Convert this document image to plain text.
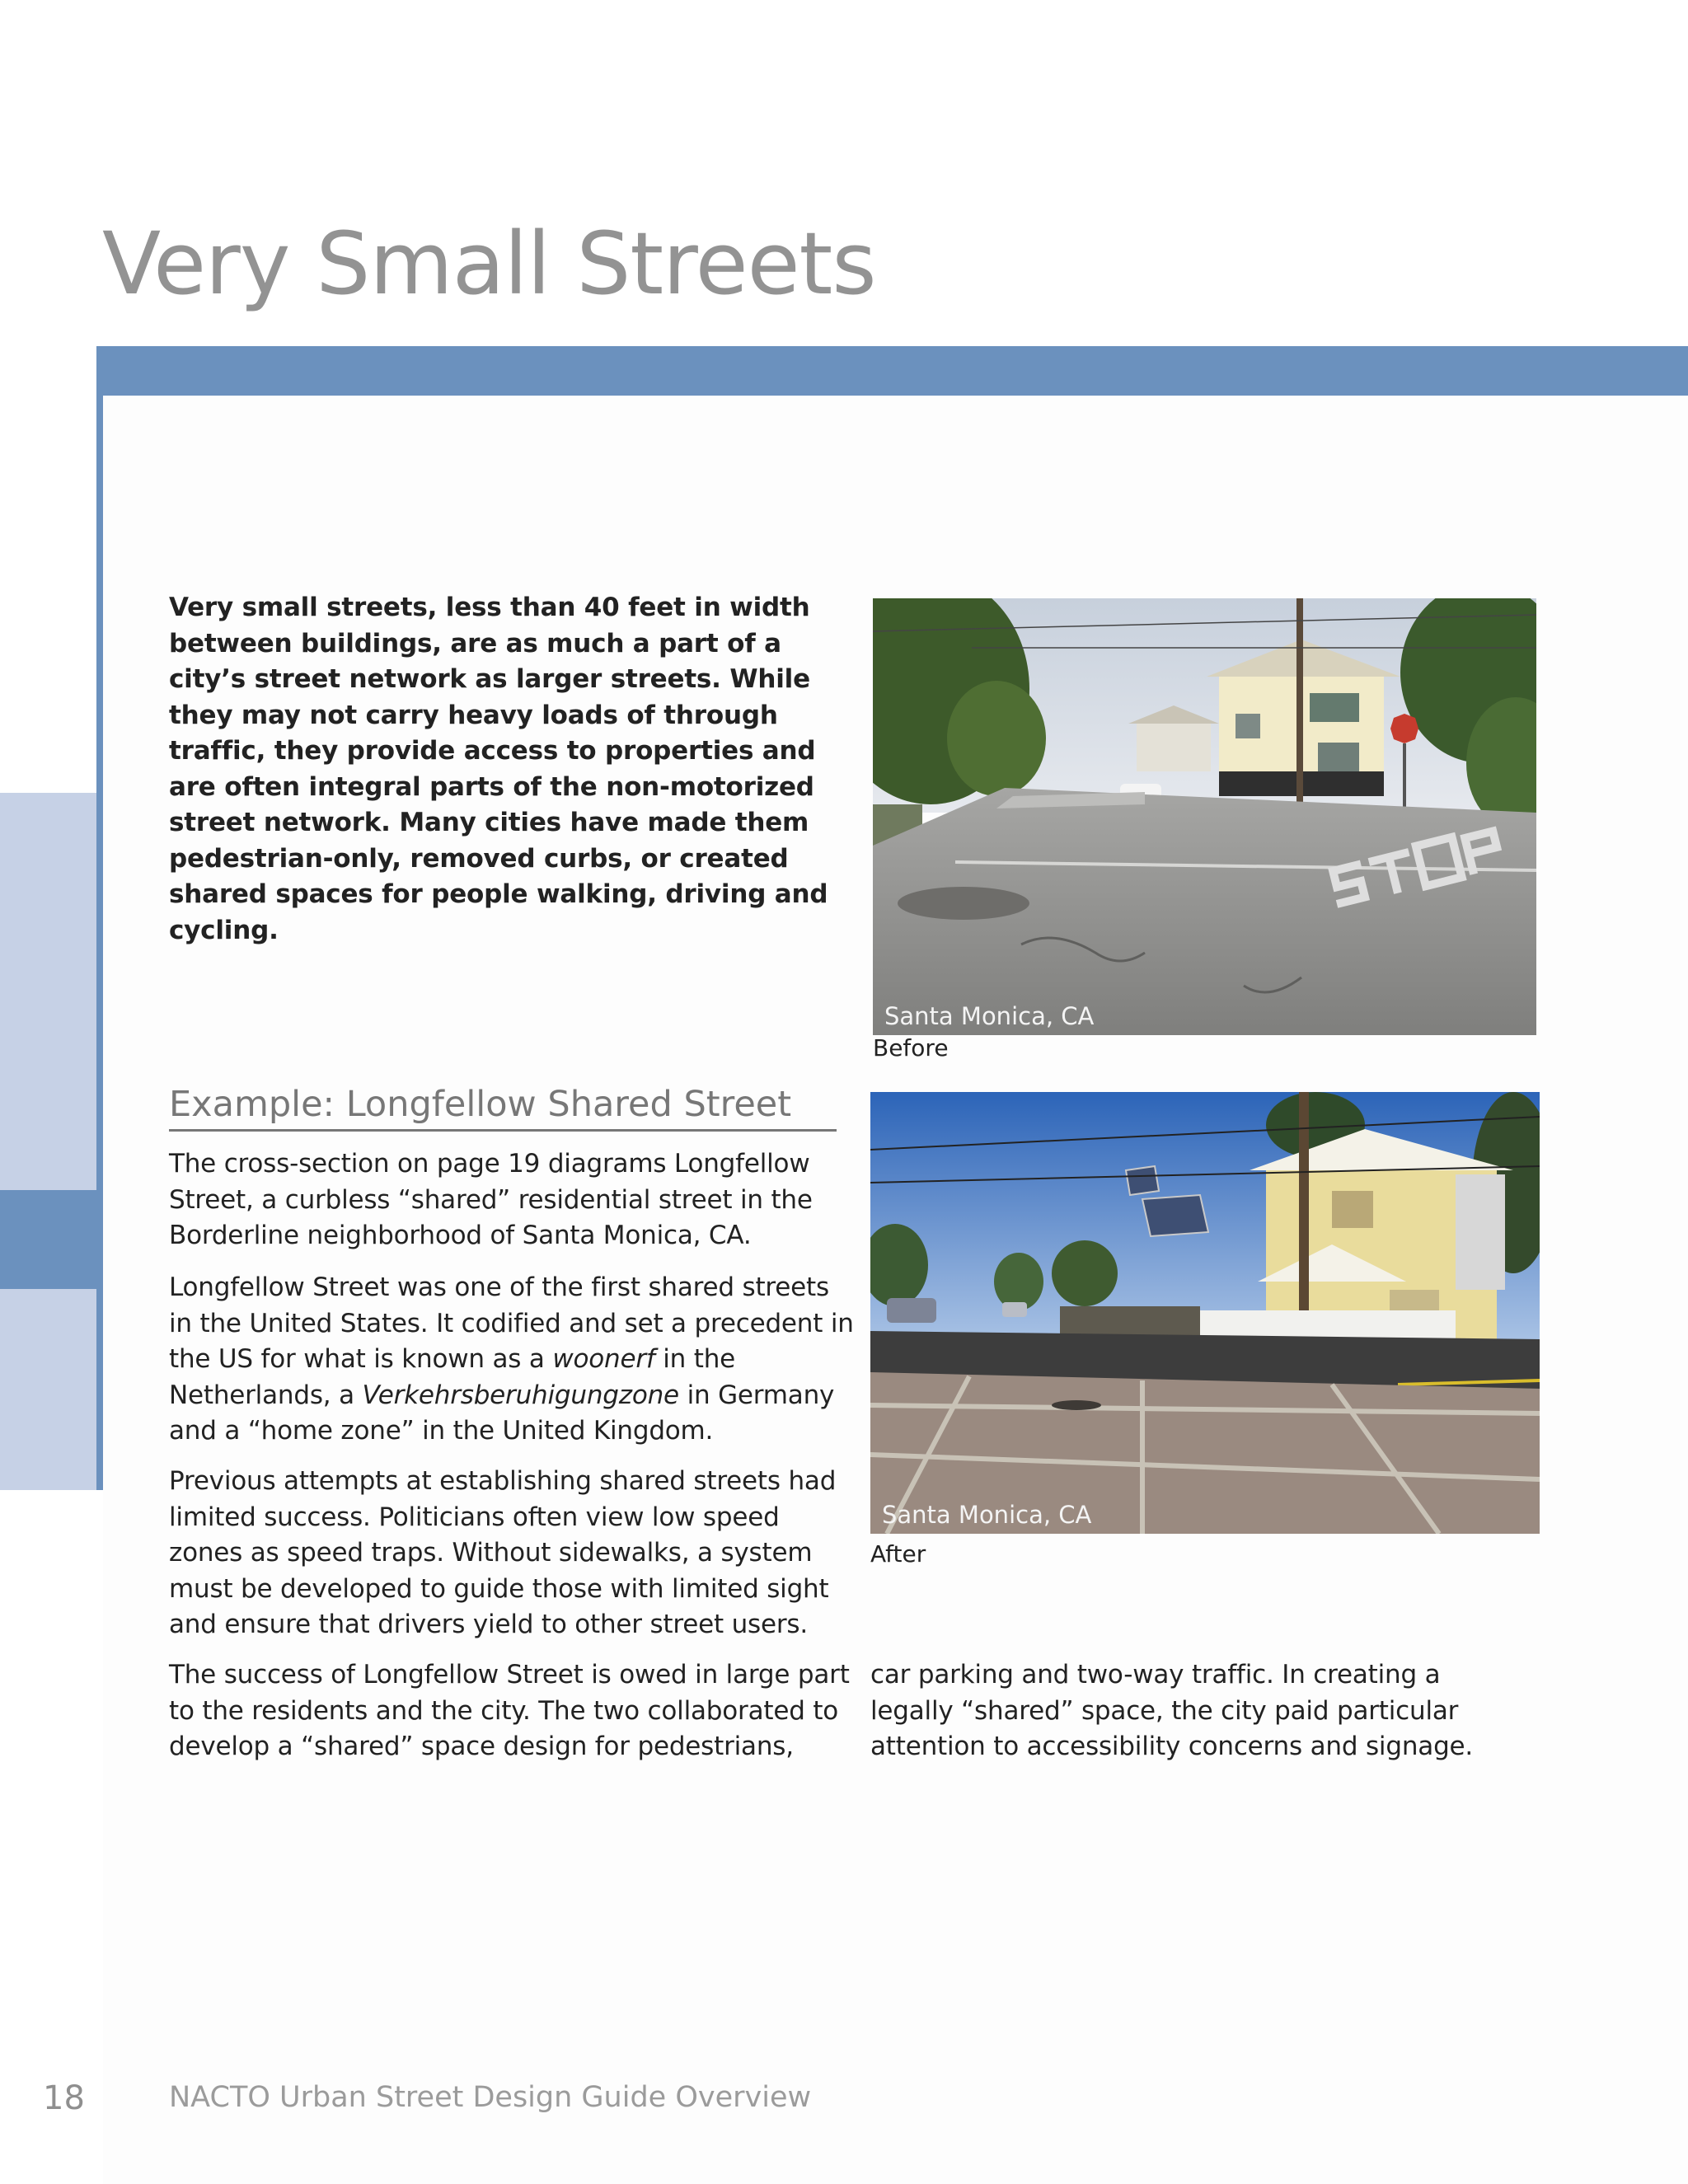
Very Small Streets
Very small streets, less than 40 feet in width between buildings, are as much a part of a city’s street network as larger streets. While they may not carry heavy loads of through traffic, they provide access to properties and are often integral parts of the non-motorized street network. Many cities have made them pedestrian-only, removed curbs, or created shared spaces for people walking, driving and cycling.
Example: Longfellow Shared Street

The cross-section on page 19 diagrams Longfellow Street, a curbless “shared” residential street in the Borderline neighborhood of Santa Monica, CA.

Longfellow Street was one of the first shared streets in the United States. It codified and set a precedent in the US for what is known as a woonerf in the Netherlands, a Verkehrsberuhigungzone in Germany and a “home zone” in the United Kingdom.

Previous attempts at establishing shared streets had limited success. Politicians often view low speed zones as speed traps. Without sidewalks, a system must be developed to guide those with limited sight and ensure that drivers yield to other street users.

The success of Longfellow Street is owed in large part to the residents and the city. The two collaborated to develop a “shared” space design for pedestrians,

car parking and two-way traffic. In creating a legally “shared” space, the city paid particular attention to accessibility concerns and signage.

Santa Monica, CA
Before
Santa Monica, CA
After
18	NACTO Urban Street Design Guide Overview
